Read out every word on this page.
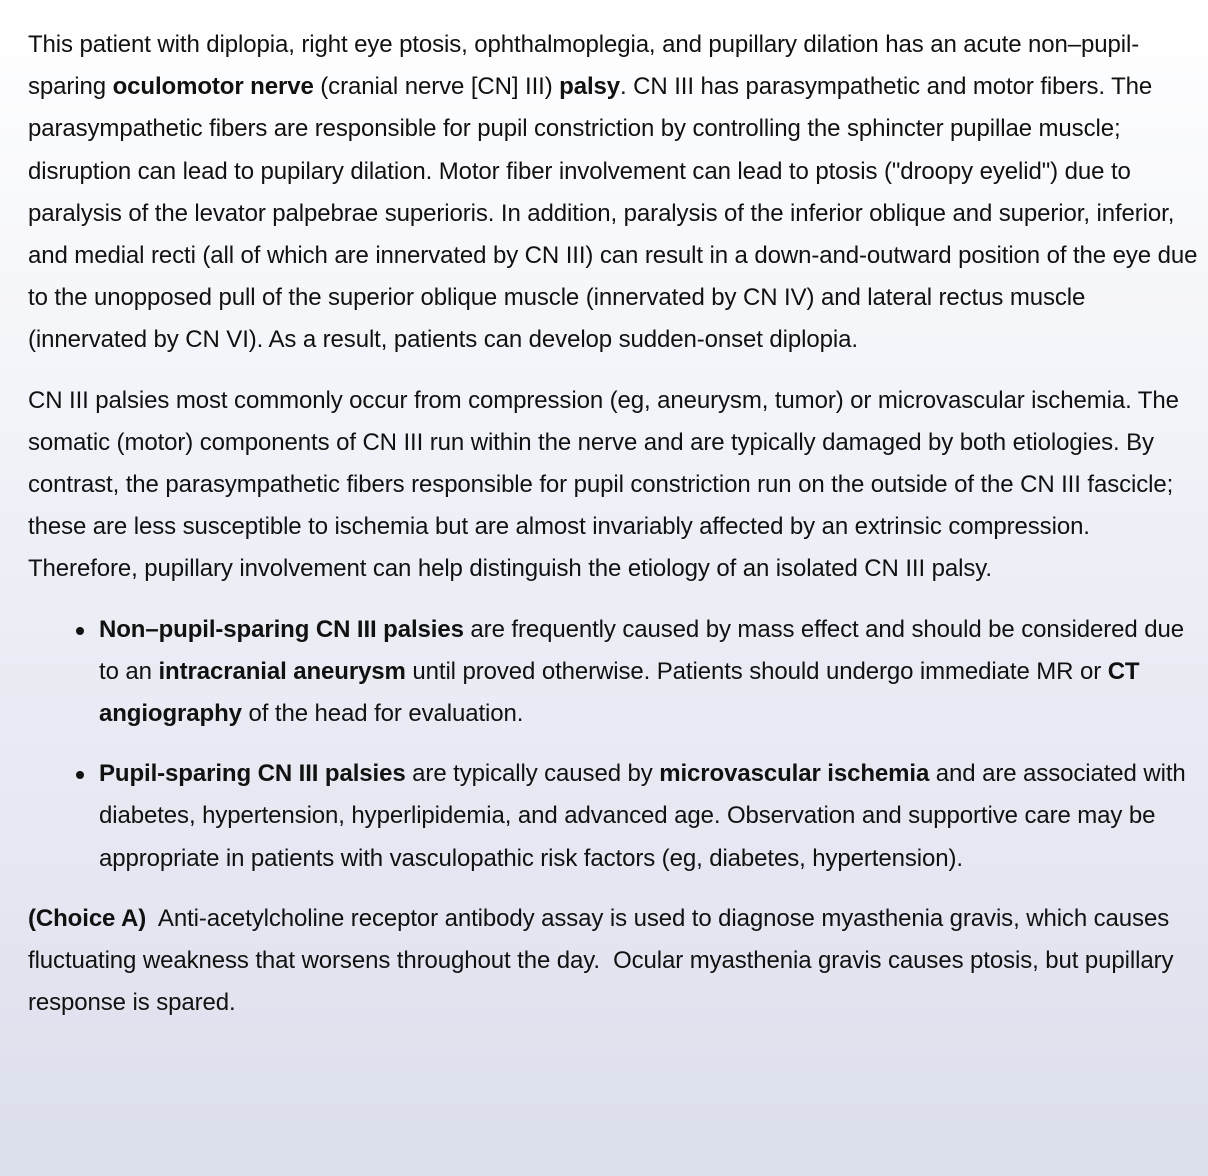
This patient with diplopia, right eye ptosis, ophthalmoplegia, and pupillary dilation has an acute non–pupil-sparing oculomotor nerve (cranial nerve [CN] III) palsy. CN III has parasympathetic and motor fibers. The parasympathetic fibers are responsible for pupil constriction by controlling the sphincter pupillae muscle; disruption can lead to pupilary dilation. Motor fiber involvement can lead to ptosis ("droopy eyelid") due to paralysis of the levator palpebrae superioris. In addition, paralysis of the inferior oblique and superior, inferior, and medial recti (all of which are innervated by CN III) can result in a down-and-outward position of the eye due to the unopposed pull of the superior oblique muscle (innervated by CN IV) and lateral rectus muscle (innervated by CN VI). As a result, patients can develop sudden-onset diplopia.

CN III palsies most commonly occur from compression (eg, aneurysm, tumor) or microvascular ischemia. The somatic (motor) components of CN III run within the nerve and are typically damaged by both etiologies. By contrast, the parasympathetic fibers responsible for pupil constriction run on the outside of the CN III fascicle; these are less susceptible to ischemia but are almost invariably affected by an extrinsic compression. Therefore, pupillary involvement can help distinguish the etiology of an isolated CN III palsy.

Non–pupil-sparing CN III palsies are frequently caused by mass effect and should be considered due to an intracranial aneurysm until proved otherwise. Patients should undergo immediate MR or CT angiography of the head for evaluation.
Pupil-sparing CN III palsies are typically caused by microvascular ischemia and are associated with diabetes, hypertension, hyperlipidemia, and advanced age. Observation and supportive care may be appropriate in patients with vasculopathic risk factors (eg, diabetes, hypertension).

(Choice A)  Anti-acetylcholine receptor antibody assay is used to diagnose myasthenia gravis, which causes fluctuating weakness that worsens throughout the day.  Ocular myasthenia gravis causes ptosis, but pupillary response is spared.
